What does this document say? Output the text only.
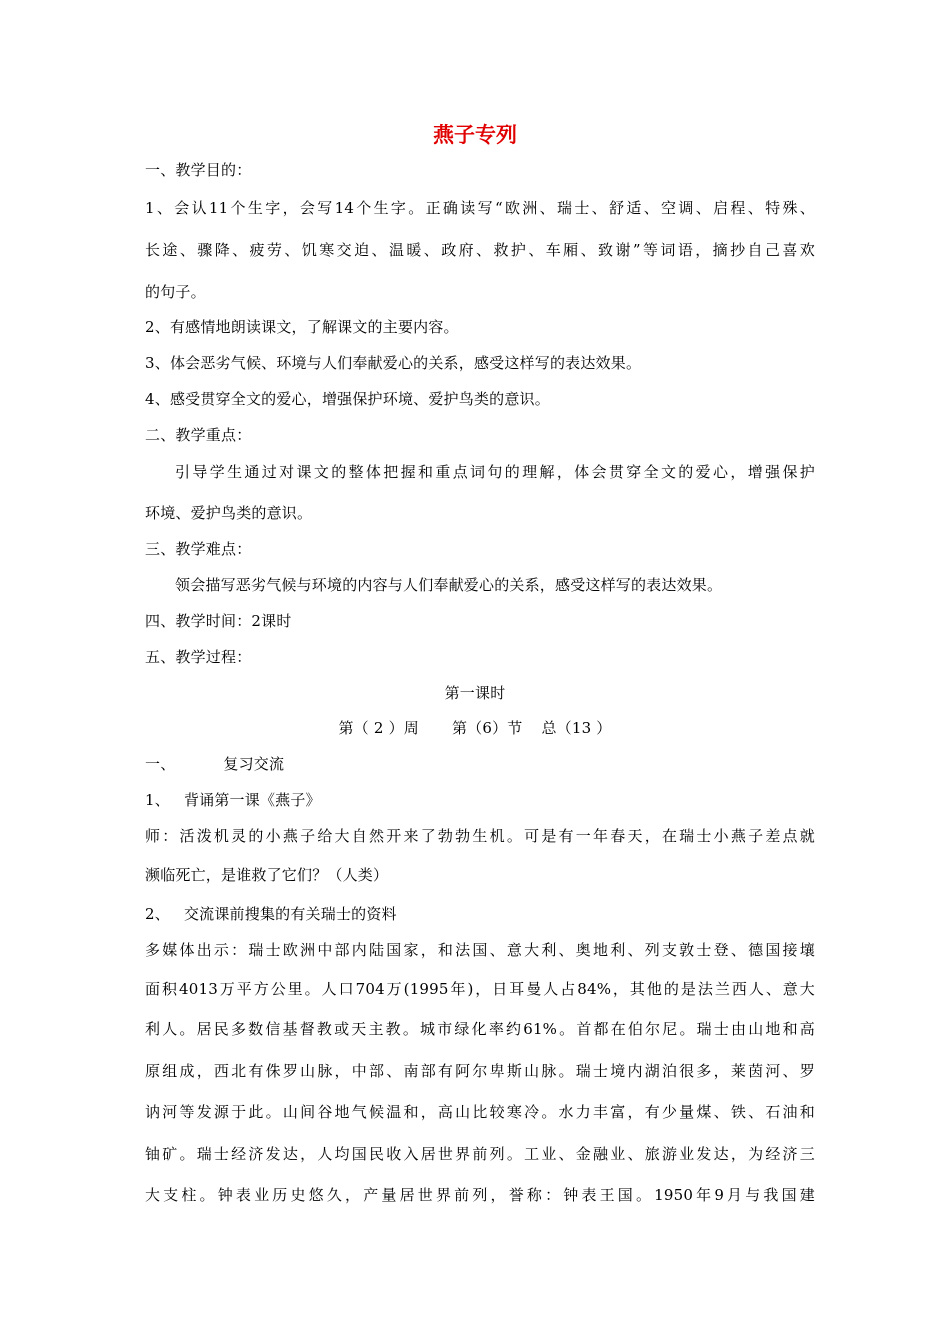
燕子专列
一、教学目的：
1、会认11个生字，会写14个生字。正确读写“欧洲、瑞士、舒适、空调、启程、特殊、
长途、骤降、疲劳、饥寒交迫、温暖、政府、救护、车厢、致谢”等词语，摘抄自己喜欢
的句子。
2、有感情地朗读课文，了解课文的主要内容。
3、体会恶劣气候、环境与人们奉献爱心的关系，感受这样写的表达效果。
4、感受贯穿全文的爱心，增强保护环境、爱护鸟类的意识。
二、教学重点：
引导学生通过对课文的整体把握和重点词句的理解，体会贯穿全文的爱心，增强保护
环境、爱护鸟类的意识。
三、教学难点：
领会描写恶劣气候与环境的内容与人们奉献爱心的关系，感受这样写的表达效果。
四、教学时间：2课时
五、教学过程：
第一课时
第（ 2 ）周 第（6）节 总（13 ）
一、	复习交流
1、 背诵第一课《燕子》
师：活泼机灵的小燕子给大自然开来了勃勃生机。可是有一年春天，在瑞士小燕子差点就
濒临死亡，是谁救了它们？（人类）
2、 交流课前搜集的有关瑞士的资料
多媒体出示：瑞士欧洲中部内陆国家，和法国、意大利、奥地利、列支敦士登、德国接壤
面积4013万平方公里。人口704万(1995年)，日耳曼人占84%，其他的是法兰西人、意大
利人。居民多数信基督教或天主教。城市绿化率约61%。首都在伯尔尼。瑞士由山地和高
原组成，西北有侏罗山脉，中部、南部有阿尔卑斯山脉。瑞士境内湖泊很多，莱茵河、罗
讷河等发源于此。山间谷地气候温和，高山比较寒冷。水力丰富，有少量煤、铁、石油和
铀矿。瑞士经济发达，人均国民收入居世界前列。工业、金融业、旅游业发达，为经济三
大支柱。钟表业历史悠久，产量居世界前列，誉称：钟表王国。1950年9月与我国建
